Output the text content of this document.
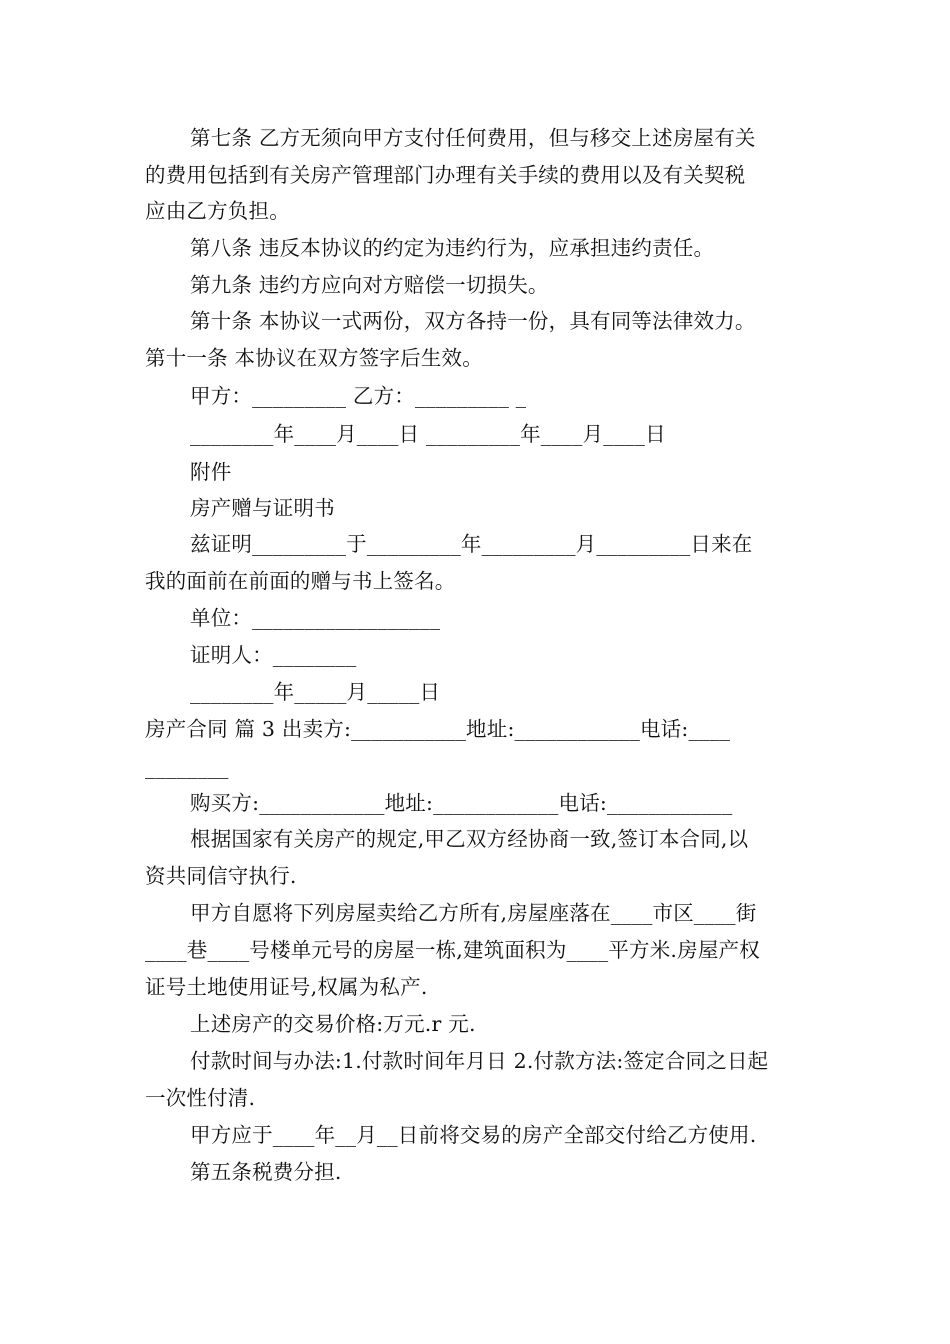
第七条 乙方无须向甲方支付任何费用，但与移交上述房屋有关
的费用包括到有关房产管理部门办理有关手续的费用以及有关契税
应由乙方负担。
第八条 违反本协议的约定为违约行为，应承担违约责任。
第九条 违约方应向对方赔偿一切损失。
第十条 本协议一式两份，双方各持一份，具有同等法律效力。
第十一条 本协议在双方签字后生效。
甲方：_________ 乙方：_________ _
________年____月____日 _________年____月____日
附件
房产赠与证明书
兹证明_________于_________年_________月_________日来在
我的面前在前面的赠与书上签名。
单位：__________________
证明人：________
________年_____月_____日
房产合同 篇 3 出卖方:___________地址:____________电话:____
________
购买方:____________地址:____________电话:____________
根据国家有关房产的规定,甲乙双方经协商一致,签订本合同,以
资共同信守执行.
甲方自愿将下列房屋卖给乙方所有,房屋座落在____市区____街
____巷____号楼单元号的房屋一栋,建筑面积为____平方米.房屋产权
证号土地使用证号,权属为私产.
上述房产的交易价格:万元.r 元.
付款时间与办法:1.付款时间年月日 2.付款方法:签定合同之日起
一次性付清.
甲方应于____年__月__日前将交易的房产全部交付给乙方使用.
第五条税费分担.
